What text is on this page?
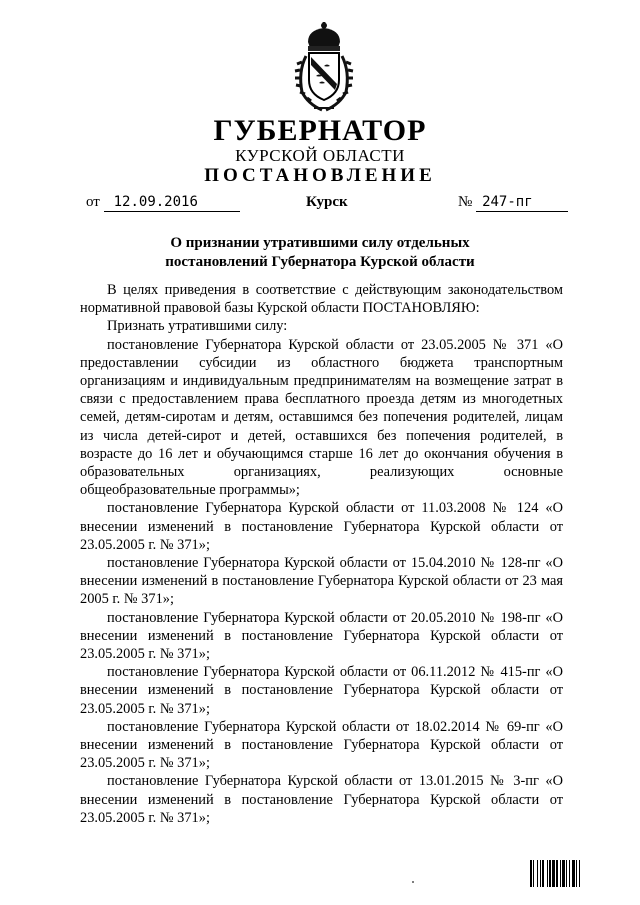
ГУБЕРНАТОР
КУРСКОЙ ОБЛАСТИ
ПОСТАНОВЛЕНИЕ
от 12.09.2016	Курск	№ 247-пг
О признании утратившими силу отдельных
постановлений Губернатора Курской области

В целях приведения в соответствие с действующим законодательством нормативной правовой базы Курской области ПОСТАНОВЛЯЮ:

Признать утратившими силу:

постановление Губернатора Курской области от 23.05.2005 № 371 «О предоставлении субсидии из областного бюджета транспортным организациям и индивидуальным предпринимателям на возмещение затрат в связи с предоставлением права бесплатного проезда детям из многодетных семей, детям-сиротам и детям, оставшимся без попечения родителей, лицам из числа детей-сирот и детей, оставшихся без попечения родителей, в возрасте до 16 лет и обучающимся старше 16 лет до окончания обучения в образовательных организациях, реализующих основные общеобразовательные программы»;

постановление Губернатора Курской области от 11.03.2008 № 124 «О внесении изменений в постановление Губернатора Курской области от 23.05.2005 г. № 371»;

постановление Губернатора Курской области от 15.04.2010 № 128-пг «О внесении изменений в постановление Губернатора Курской области от 23 мая 2005 г. № 371»;

постановление Губернатора Курской области от 20.05.2010 № 198-пг «О внесении изменений в постановление Губернатора Курской области от 23.05.2005 г. № 371»;

постановление Губернатора Курской области от 06.11.2012 № 415-пг «О внесении изменений в постановление Губернатора Курской области от 23.05.2005 г. № 371»;

постановление Губернатора Курской области от 18.02.2014 № 69-пг «О внесении изменений в постановление Губернатора Курской области от 23.05.2005 г. № 371»;

постановление Губернатора Курской области от 13.01.2015 № 3-пг «О внесении изменений в постановление Губернатора Курской области от 23.05.2005 г. № 371»;
